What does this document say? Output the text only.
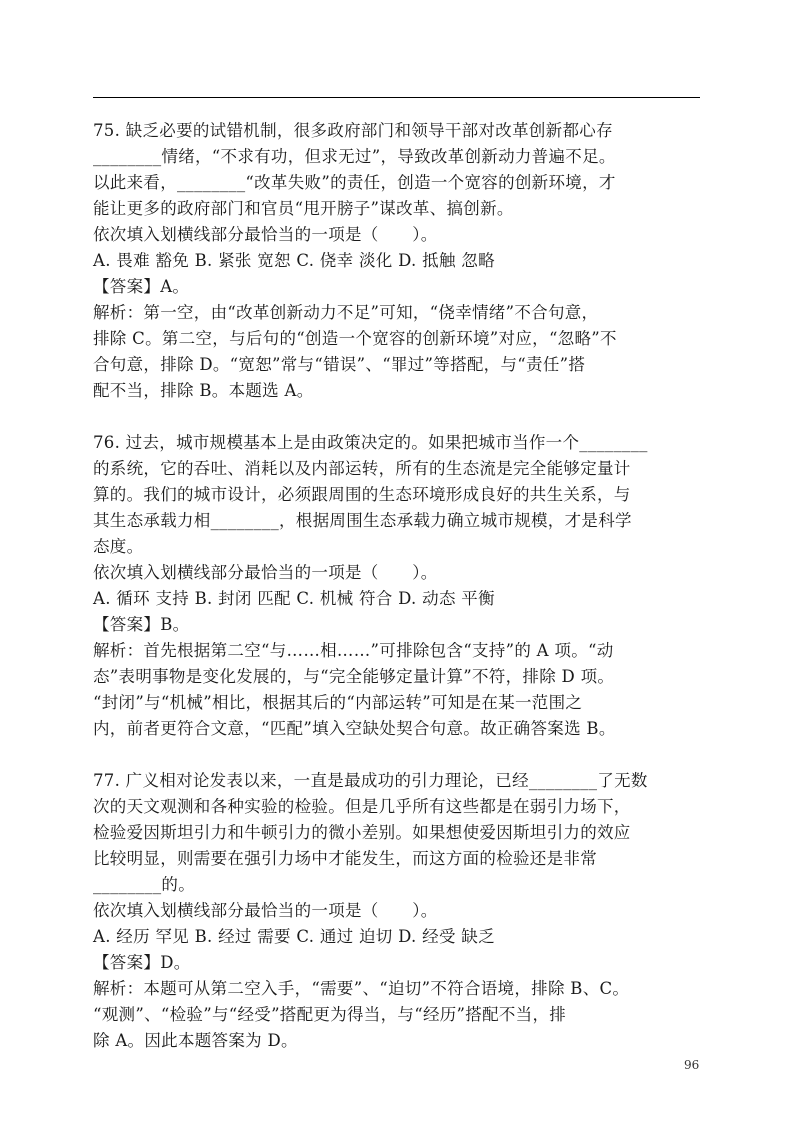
75. 缺乏必要的试错机制，很多政府部门和领导干部对改革创新都心存
________情绪，“不求有功，但求无过”，导致改革创新动力普遍不足。
以此来看，________“改革失败”的责任，创造一个宽容的创新环境，才
能让更多的政府部门和官员“甩开膀子”谋改革、搞创新。
依次填入划横线部分最恰当的一项是（　　）。
A. 畏难 豁免 B. 紧张 宽恕 C. 侥幸 淡化 D. 抵触 忽略
【答案】A。
解析：第一空，由“改革创新动力不足”可知，“侥幸情绪”不合句意，
排除 C。第二空，与后句的“创造一个宽容的创新环境”对应，“忽略”不
合句意，排除 D。“宽恕”常与“错误”、“罪过”等搭配，与“责任”搭
配不当，排除 B。本题选 A。
76. 过去，城市规模基本上是由政策决定的。如果把城市当作一个________
的系统，它的吞吐、消耗以及内部运转，所有的生态流是完全能够定量计
算的。我们的城市设计，必须跟周围的生态环境形成良好的共生关系，与
其生态承载力相________，根据周围生态承载力确立城市规模，才是科学
态度。
依次填入划横线部分最恰当的一项是（　　）。
A. 循环 支持 B. 封闭 匹配 C. 机械 符合 D. 动态 平衡
【答案】B。
解析：首先根据第二空“与……相……”可排除包含“支持”的 A 项。“动
态”表明事物是变化发展的，与“完全能够定量计算”不符，排除 D 项。
“封闭”与“机械”相比，根据其后的“内部运转”可知是在某一范围之
内，前者更符合文意，“匹配”填入空缺处契合句意。故正确答案选 B。
77. 广义相对论发表以来，一直是最成功的引力理论，已经________了无数
次的天文观测和各种实验的检验。但是几乎所有这些都是在弱引力场下，
检验爱因斯坦引力和牛顿引力的微小差别。如果想使爱因斯坦引力的效应
比较明显，则需要在强引力场中才能发生，而这方面的检验还是非常
________的。
依次填入划横线部分最恰当的一项是（　　）。
A. 经历 罕见 B. 经过 需要 C. 通过 迫切 D. 经受 缺乏
【答案】D。
解析：本题可从第二空入手，“需要”、“迫切”不符合语境，排除 B、C。
“观测”、“检验”与“经受”搭配更为得当，与“经历”搭配不当，排
除 A。因此本题答案为 D。
96
